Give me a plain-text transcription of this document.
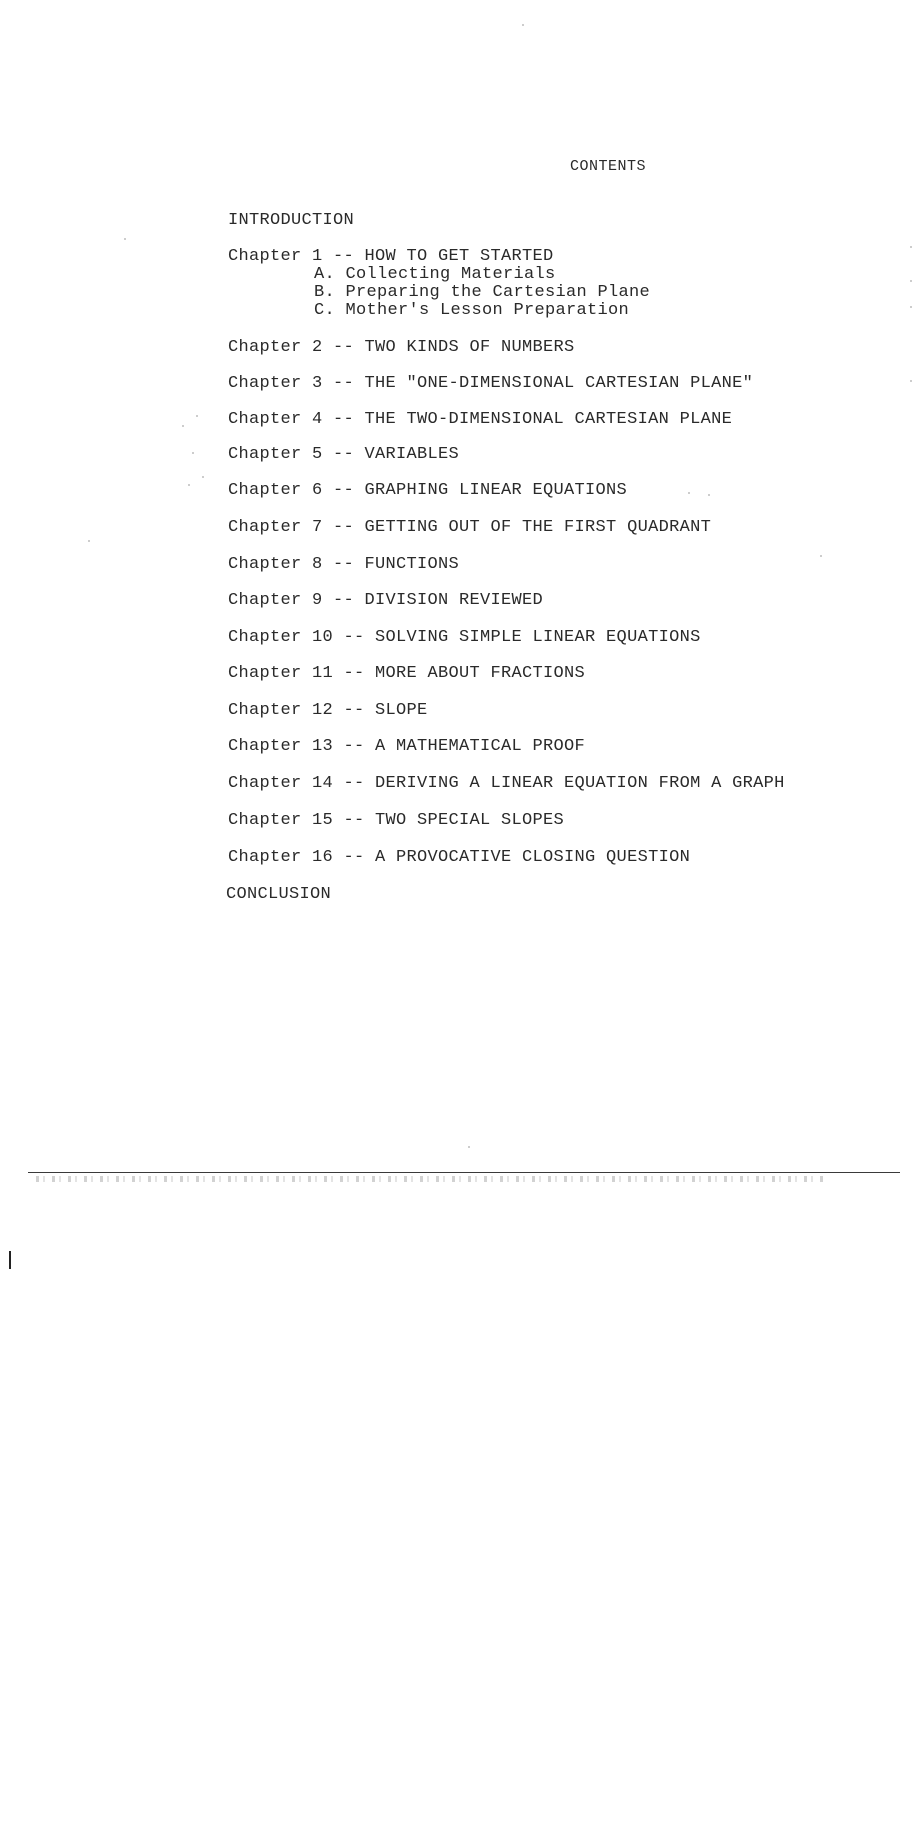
CONTENTS
INTRODUCTION
Chapter 1 -- HOW TO GET STARTED
A. Collecting Materials
B. Preparing the Cartesian Plane
C. Mother's Lesson Preparation
Chapter 2 -- TWO KINDS OF NUMBERS
Chapter 3 -- THE "ONE-DIMENSIONAL CARTESIAN PLANE"
Chapter 4 -- THE TWO-DIMENSIONAL CARTESIAN PLANE
Chapter 5 -- VARIABLES
Chapter 6 -- GRAPHING LINEAR EQUATIONS
Chapter 7 -- GETTING OUT OF THE FIRST QUADRANT
Chapter 8 -- FUNCTIONS
Chapter 9 -- DIVISION REVIEWED
Chapter 10 -- SOLVING SIMPLE LINEAR EQUATIONS
Chapter 11 -- MORE ABOUT FRACTIONS
Chapter 12 -- SLOPE
Chapter 13 -- A MATHEMATICAL PROOF
Chapter 14 -- DERIVING A LINEAR EQUATION FROM A GRAPH
Chapter 15 -- TWO SPECIAL SLOPES
Chapter 16 -- A PROVOCATIVE CLOSING QUESTION
CONCLUSION
